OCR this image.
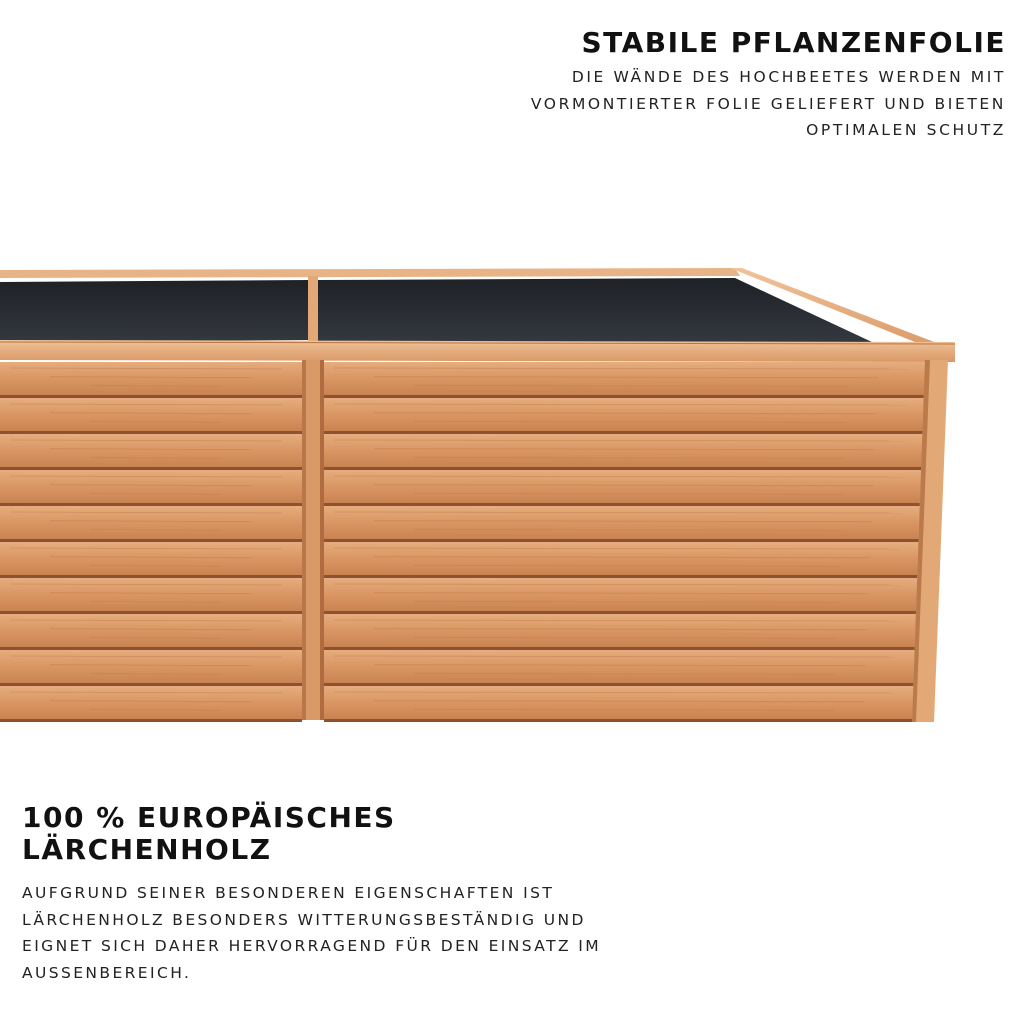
STABILE PFLANZENFOLIE

DIE WÄNDE DES HOCHBEETES WERDEN MIT VORMONTIERTER FOLIE GELIEFERT UND BIETEN OPTIMALEN SCHUTZ

100 % EUROPÄISCHES LÄRCHENHOLZ

AUFGRUND SEINER BESONDEREN EIGENSCHAFTEN IST LÄRCHENHOLZ BESONDERS WITTERUNGSBESTÄNDIG UND EIGNET SICH DAHER HERVORRAGEND FÜR DEN EINSATZ IM AUSSENBEREICH.
